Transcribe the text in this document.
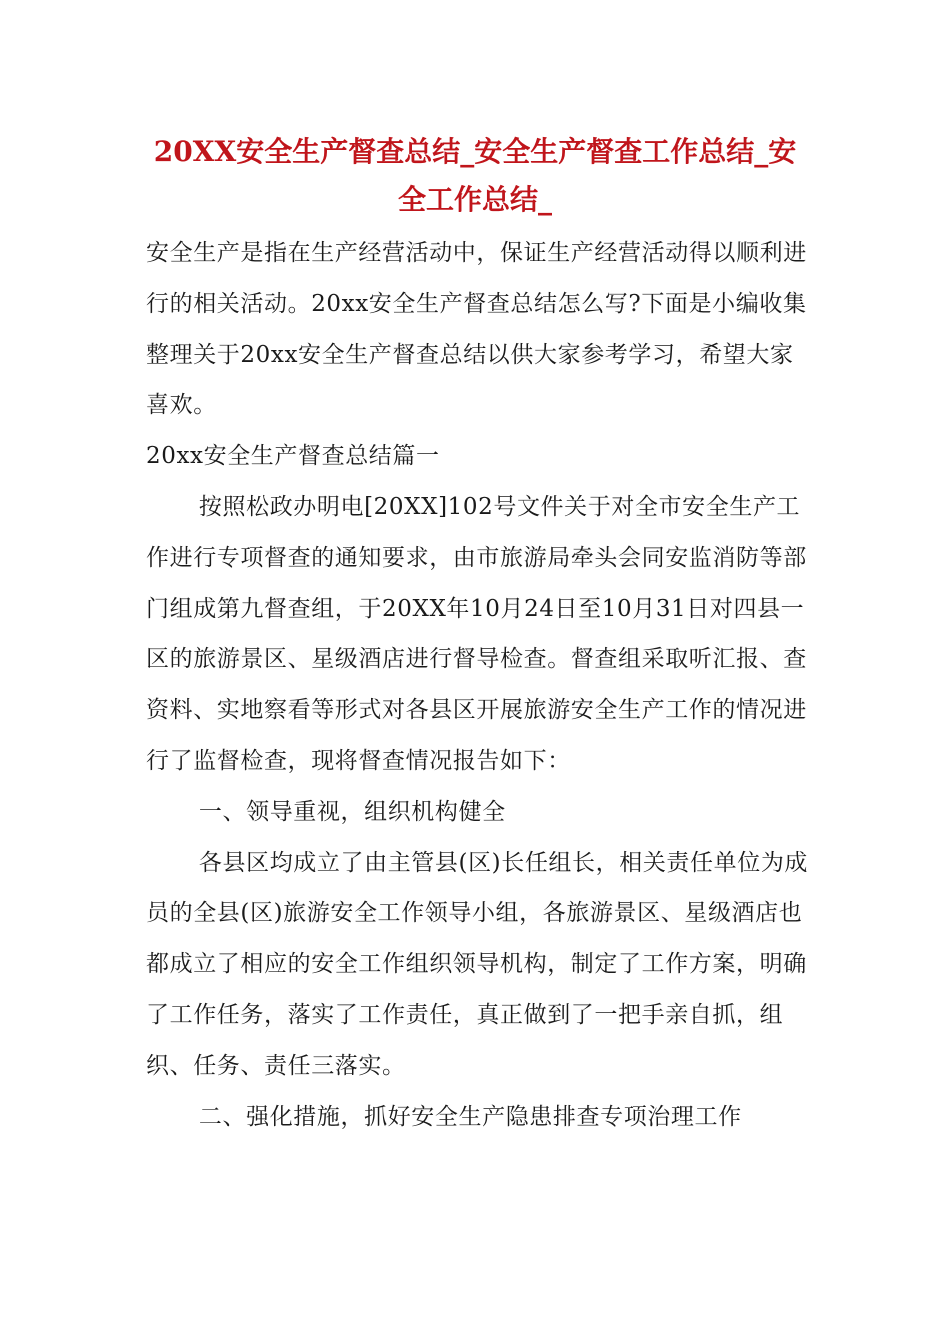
20XX安全生产督查总结_安全生产督查工作总结_安全工作总结_

安全生产是指在生产经营活动中，保证生产经营活动得以顺利进行的相关活动。20xx安全生产督查总结怎么写?下面是小编收集整理关于20xx安全生产督查总结以供大家参考学习，希望大家喜欢。

20xx安全生产督查总结篇一

按照松政办明电[20XX]102号文件关于对全市安全生产工作进行专项督查的通知要求，由市旅游局牵头会同安监消防等部门组成第九督查组，于20XX年10月24日至10月31日对四县一区的旅游景区、星级酒店进行督导检查。督查组采取听汇报、查资料、实地察看等形式对各县区开展旅游安全生产工作的情况进行了监督检查，现将督查情况报告如下：

一、领导重视，组织机构健全

各县区均成立了由主管县(区)长任组长，相关责任单位为成员的全县(区)旅游安全工作领导小组，各旅游景区、星级酒店也都成立了相应的安全工作组织领导机构，制定了工作方案，明确了工作任务，落实了工作责任，真正做到了一把手亲自抓，组织、任务、责任三落实。

二、强化措施，抓好安全生产隐患排查专项治理工作
